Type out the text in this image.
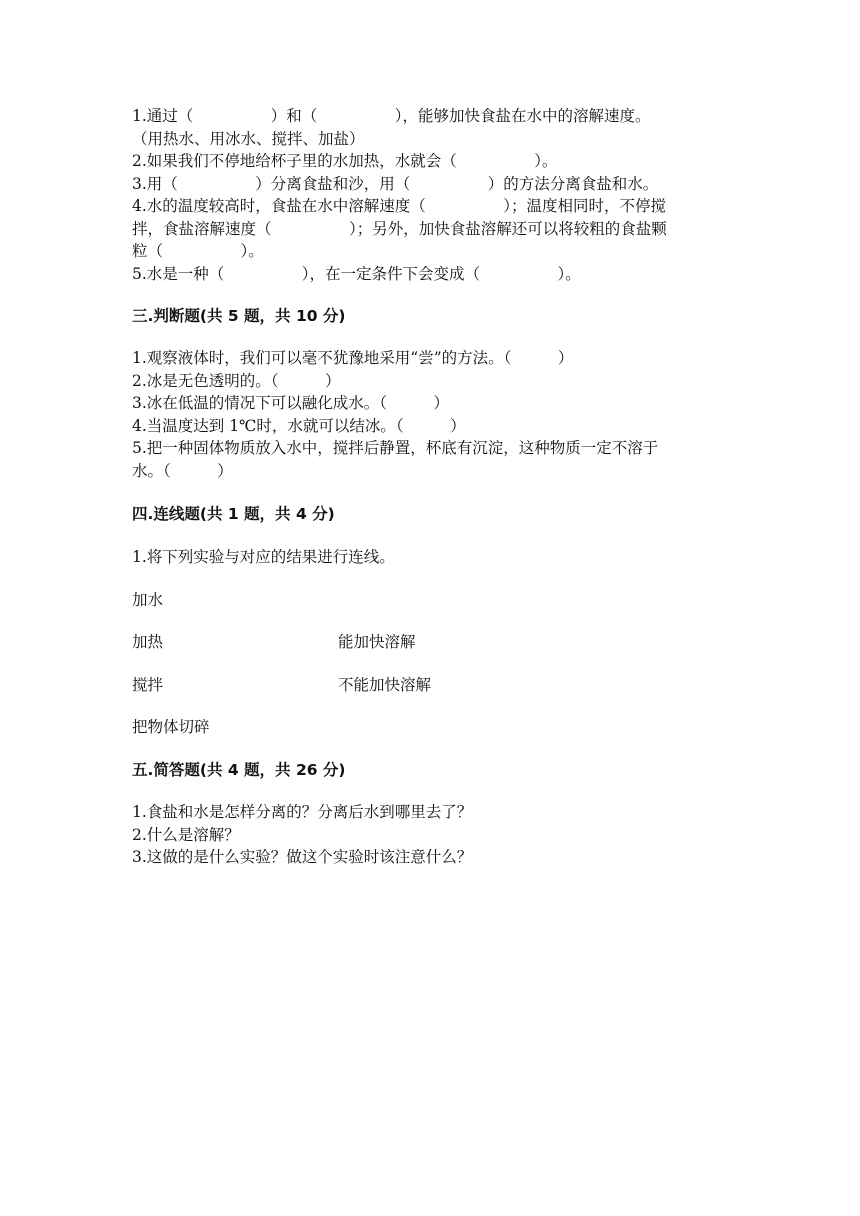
1.通过（　　　　　）和（　　　　　），能够加快食盐在水中的溶解速度。
（用热水、用冰水、搅拌、加盐）
2.如果我们不停地给杯子里的水加热，水就会（　　　　　）。
3.用（　　　　　）分离食盐和沙，用（　　　　　）的方法分离食盐和水。
4.水的温度较高时，食盐在水中溶解速度（　　　　　）；温度相同时，不停搅
拌，食盐溶解速度（　　　　　）；另外，加快食盐溶解还可以将较粗的食盐颗
粒（　　　　　）。
5.水是一种（　　　　　），在一定条件下会变成（　　　　　）。
三.判断题(共 5 题，共 10 分)
1.观察液体时，我们可以毫不犹豫地采用“尝”的方法。（　　　）
2.冰是无色透明的。（　　　）
3.冰在低温的情况下可以融化成水。（　　　）
4.当温度达到 1℃时，水就可以结冰。（　　　）
5.把一种固体物质放入水中，搅拌后静置，杯底有沉淀，这种物质一定不溶于
水。（　　　）
四.连线题(共 1 题，共 4 分)
1.将下列实验与对应的结果进行连线。
加水
加热	能加快溶解
搅拌	不能加快溶解
把物体切碎
五.简答题(共 4 题，共 26 分)
1.食盐和水是怎样分离的？分离后水到哪里去了？
2.什么是溶解？
3.这做的是什么实验？做这个实验时该注意什么？
